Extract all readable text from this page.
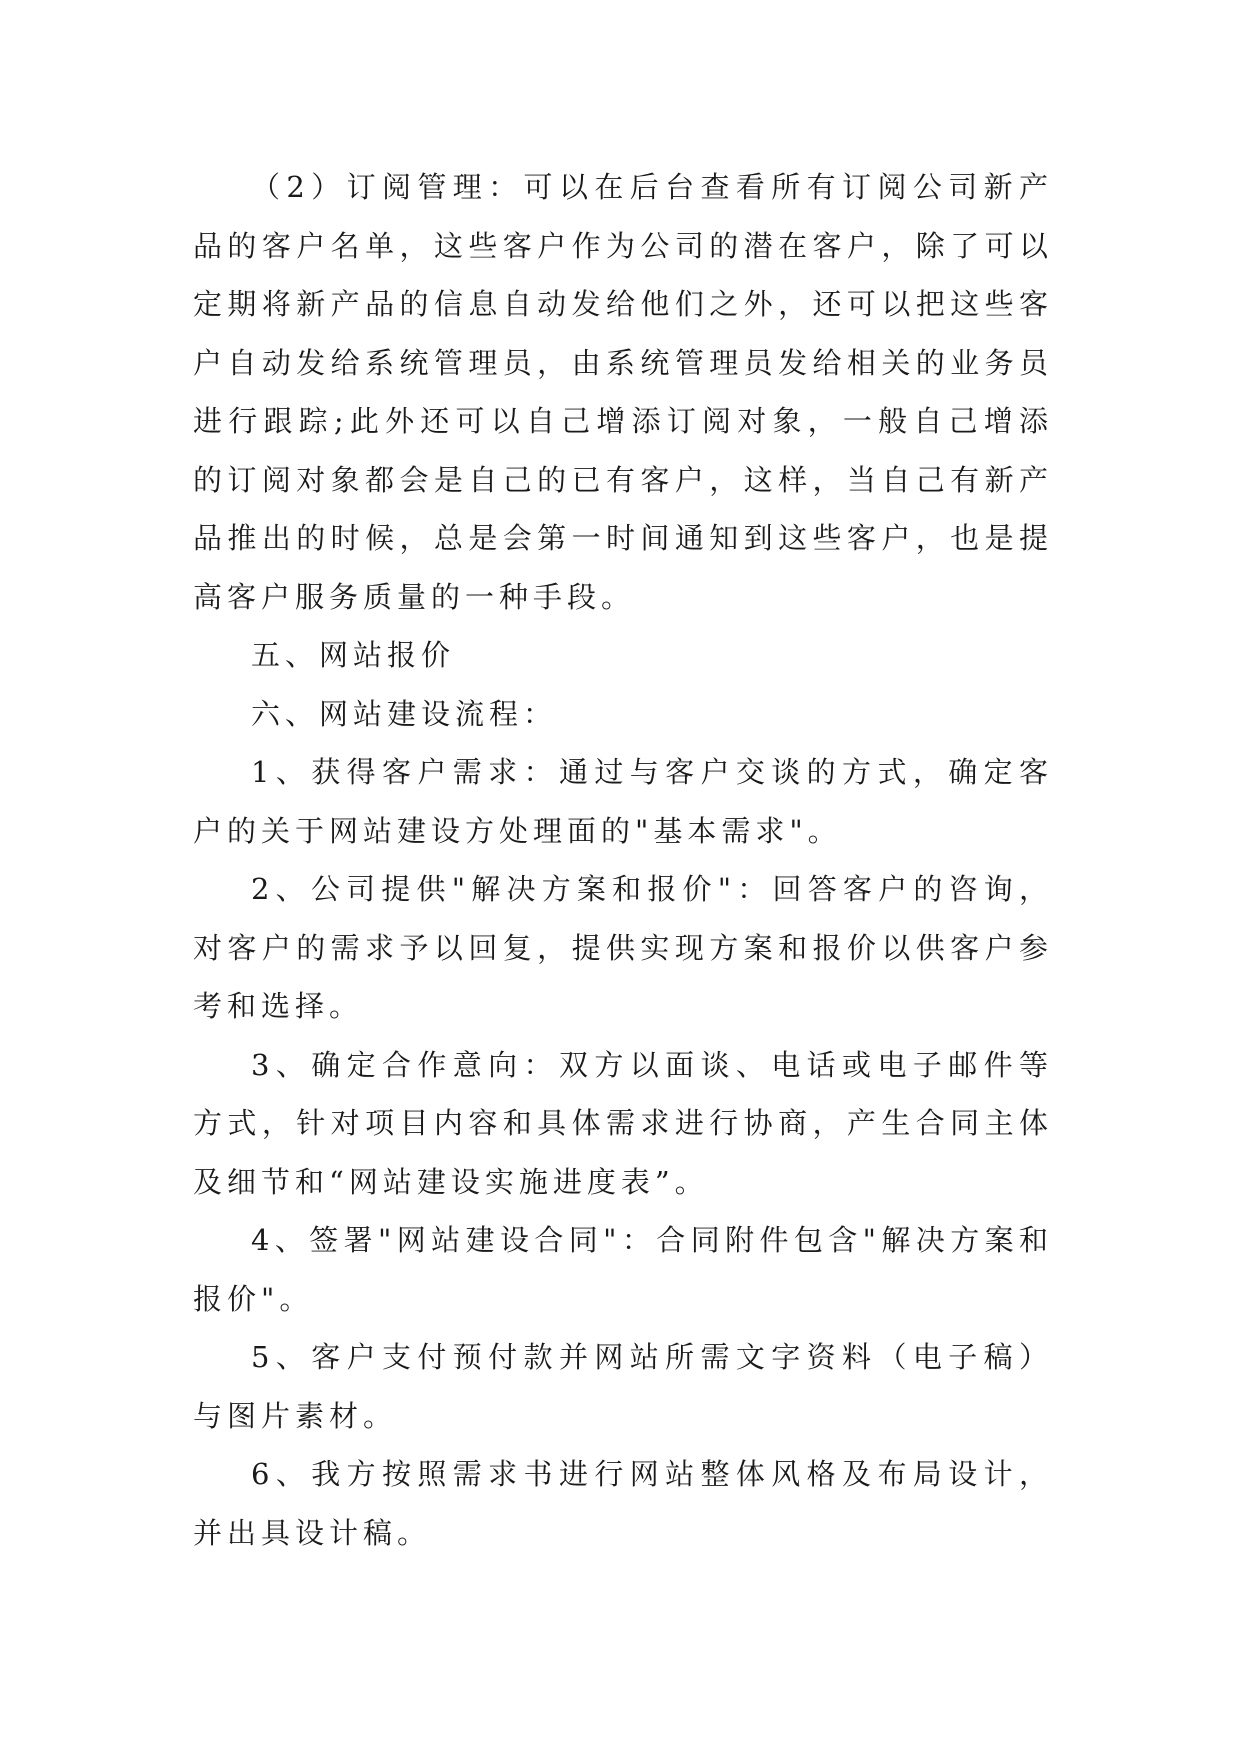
（2）订阅管理：可以在后台查看所有订阅公司新产品的客户名单，这些客户作为公司的潜在客户，除了可以定期将新产品的信息自动发给他们之外，还可以把这些客户自动发给系统管理员，由系统管理员发给相关的业务员进行跟踪;此外还可以自己增添订阅对象，一般自己增添的订阅对象都会是自己的已有客户，这样，当自己有新产品推出的时候，总是会第一时间通知到这些客户，也是提高客户服务质量的一种手段。

五、网站报价

六、网站建设流程：

1、获得客户需求：通过与客户交谈的方式，确定客户的关于网站建设方处理面的"基本需求"。

2、公司提供"解决方案和报价"：回答客户的咨询，对客户的需求予以回复，提供实现方案和报价以供客户参考和选择。

3、确定合作意向：双方以面谈、电话或电子邮件等方式，针对项目内容和具体需求进行协商，产生合同主体及细节和“网站建设实施进度表”。

4、签署"网站建设合同"：合同附件包含"解决方案和报价"。

5、客户支付预付款并网站所需文字资料（电子稿）与图片素材。

6、我方按照需求书进行网站整体风格及布局设计，并出具设计稿。
